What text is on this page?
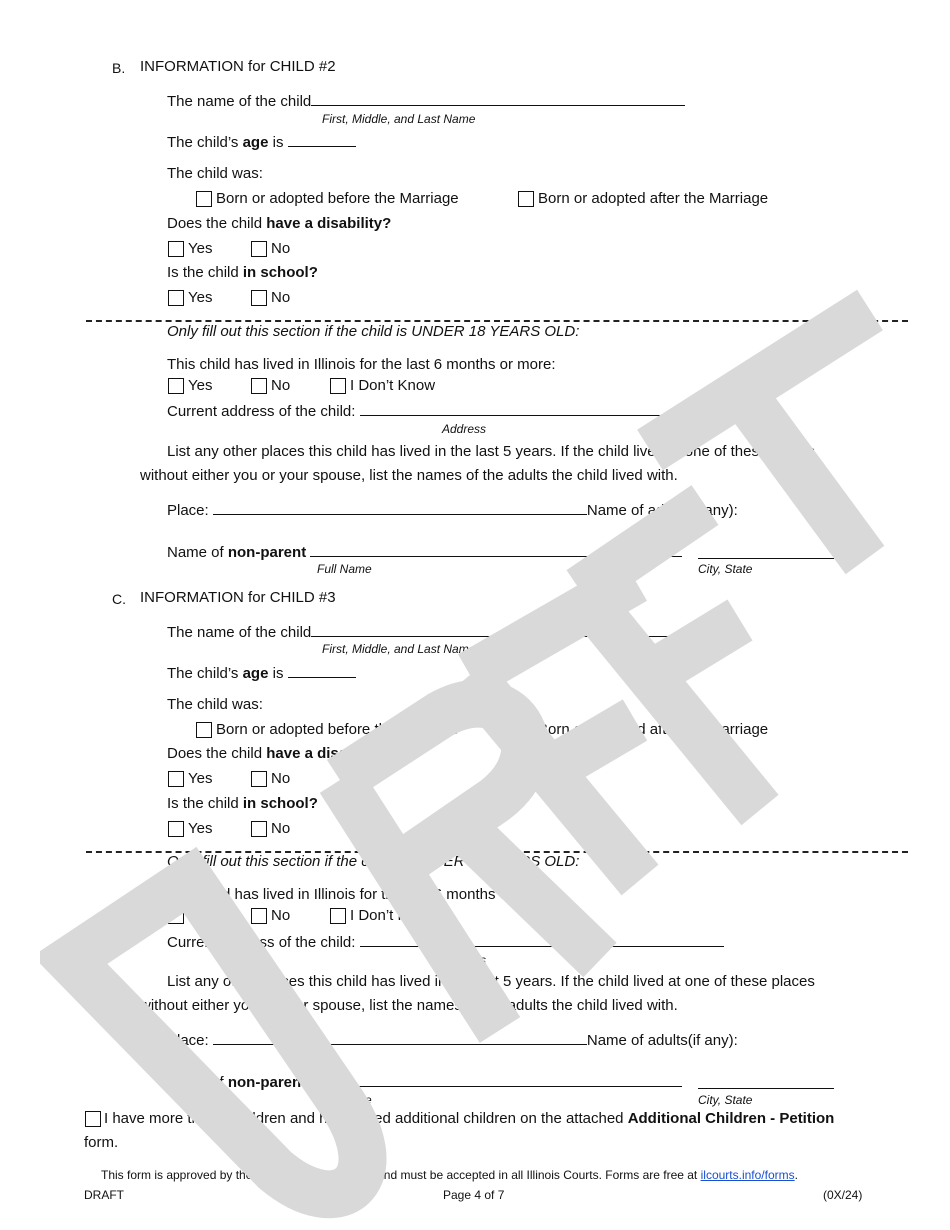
B. INFORMATION for CHILD #2
The name of the child
First, Middle, and Last Name
The child’s age is
The child was:
Born or adopted before the Marriage	Born or adopted after the Marriage
Does the child have a disability?
Yes	No
Is the child in school?
Yes	No
Only fill out this section if the child is UNDER 18 YEARS OLD:
This child has lived in Illinois for the last 6 months or more:
Yes	No	I Don’t Know
Current address of the child:
Address
List any other places this child has lived in the last 5 years. If the child lived at one of these places
without either you or your spouse, list the names of the adults the child lived with.
Place:	Name of adults(if any):
Name of non-parent
Full Name	City, State
C. INFORMATION for CHILD #3
The name of the child
First, Middle, and Last Name
The child’s age is
The child was:
Born or adopted before the Marriage	Born or adopted after the Marriage
Does the child have a disability?
Yes	No
Is the child in school?
Yes	No
Only fill out this section if the child is UNDER 18 YEARS OLD:
This child has lived in Illinois for the last 6 months or more:
Yes	No	I Don’t Know
Current address of the child:
Address
List any other places this child has lived in the last 5 years. If the child lived at one of these places
without either you or your spouse, list the names of the adults the child lived with.
Place:	Name of adults(if any):
Name of non-parent
Full Name	City, State
I have more than 3 children and have listed additional children on the attached Additional Children - Petition
form.
This form is approved by the Illinois Supreme Court and must be accepted in all Illinois Courts. Forms are free at ilcourts.info/forms.
DRAFT	Page 4 of 7	(0X/24)
